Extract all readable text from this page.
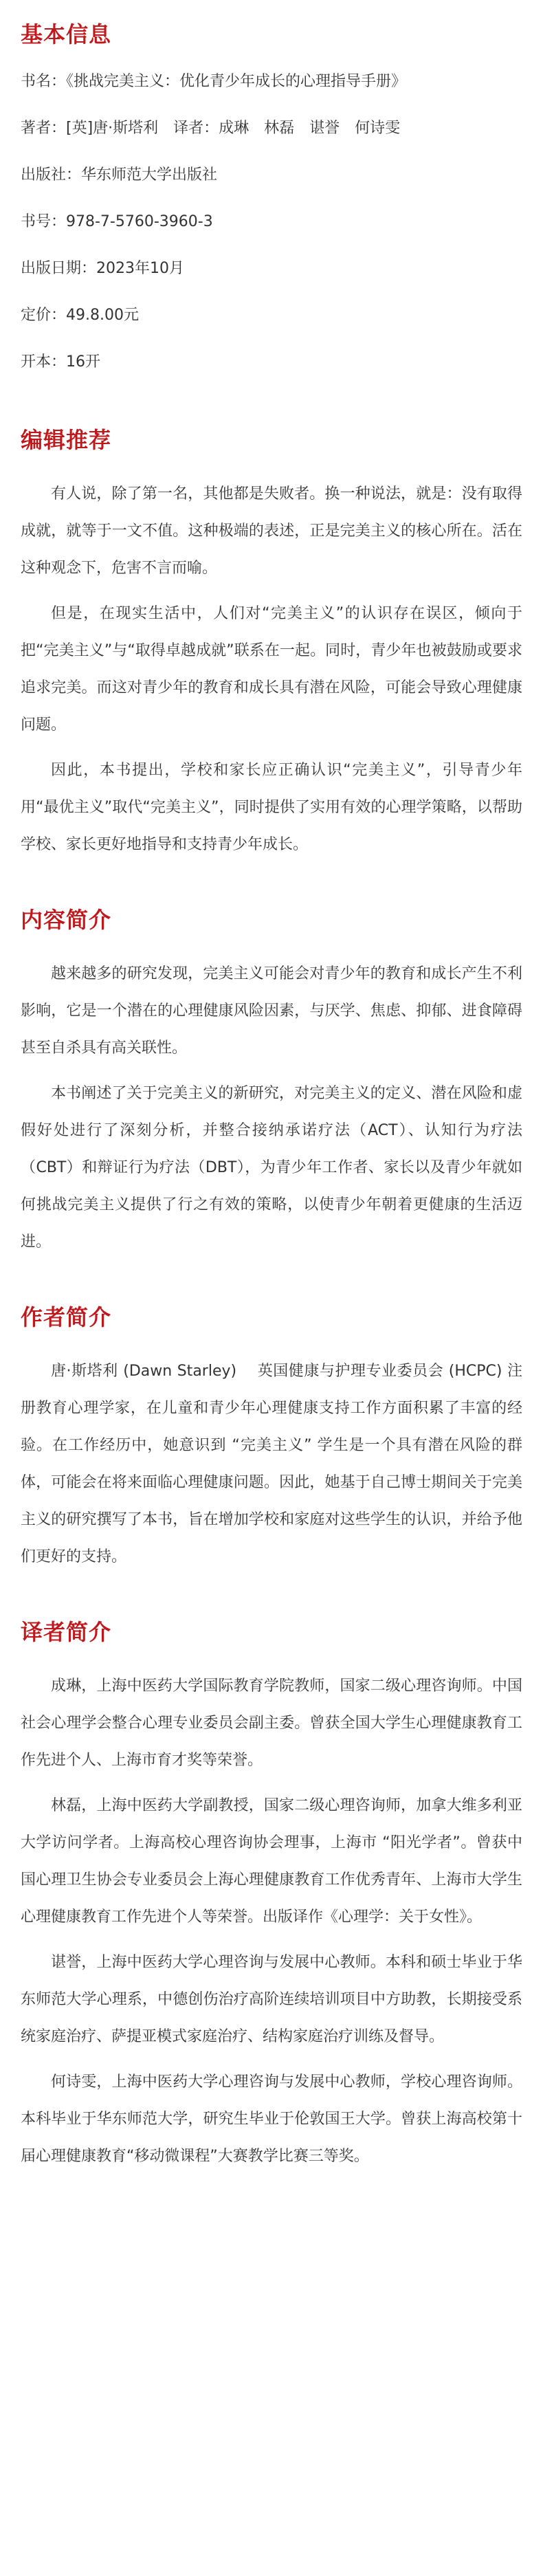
基本信息
书名：《挑战完美主义：优化青少年成长的心理指导手册》
著者：[英]唐·斯塔利　译者：成琳　林磊　谌誉　何诗雯
出版社：华东师范大学出版社
书号：978-7-5760-3960-3
出版日期：2023年10月
定价：49.8.00元
开本：16开
编辑推荐

有人说，除了第一名，其他都是失败者。换一种说法，就是：没有取得成就，就等于一文不值。这种极端的表述，正是完美主义的核心所在。活在这种观念下，危害不言而喻。

但是，在现实生活中，人们对“完美主义”的认识存在误区，倾向于把“完美主义”与“取得卓越成就”联系在一起。同时，青少年也被鼓励或要求追求完美。而这对青少年的教育和成长具有潜在风险，可能会导致心理健康问题。

因此，本书提出，学校和家长应正确认识“完美主义”，引导青少年用“最优主义”取代“完美主义”，同时提供了实用有效的心理学策略，以帮助学校、家长更好地指导和支持青少年成长。

内容简介

越来越多的研究发现，完美主义可能会对青少年的教育和成长产生不利影响，它是一个潜在的心理健康风险因素，与厌学、焦虑、抑郁、进食障碍甚至自杀具有高关联性。

本书阐述了关于完美主义的新研究，对完美主义的定义、潜在风险和虚假好处进行了深刻分析，并整合接纳承诺疗法（ACT）、认知行为疗法（CBT）和辩证行为疗法（DBT），为青少年工作者、家长以及青少年就如何挑战完美主义提供了行之有效的策略，以使青少年朝着更健康的生活迈进。

作者简介

唐·斯塔利 (Dawn Starley)　 英国健康与护理专业委员会 (HCPC) 注册教育心理学家，在儿童和青少年心理健康支持工作方面积累了丰富的经验。在工作经历中，她意识到 “完美主义” 学生是一个具有潜在风险的群体，可能会在将来面临心理健康问题。因此，她基于自己博士期间关于完美主义的研究撰写了本书，旨在增加学校和家庭对这些学生的认识，并给予他们更好的支持。

译者简介

成琳，上海中医药大学国际教育学院教师，国家二级心理咨询师。中国社会心理学会整合心理专业委员会副主委。曾获全国大学生心理健康教育工作先进个人、上海市育才奖等荣誉。

林磊，上海中医药大学副教授，国家二级心理咨询师，加拿大维多利亚大学访问学者。上海高校心理咨询协会理事，上海市 “阳光学者”。曾获中国心理卫生协会专业委员会上海心理健康教育工作优秀青年、上海市大学生心理健康教育工作先进个人等荣誉。出版译作《心理学：关于女性》。

谌誉，上海中医药大学心理咨询与发展中心教师。本科和硕士毕业于华东师范大学心理系，中德创伤治疗高阶连续培训项目中方助教，长期接受系统家庭治疗、萨提亚模式家庭治疗、结构家庭治疗训练及督导。

何诗雯，上海中医药大学心理咨询与发展中心教师，学校心理咨询师。本科毕业于华东师范大学，研究生毕业于伦敦国王大学。曾获上海高校第十届心理健康教育“移动微课程”大赛教学比赛三等奖。
